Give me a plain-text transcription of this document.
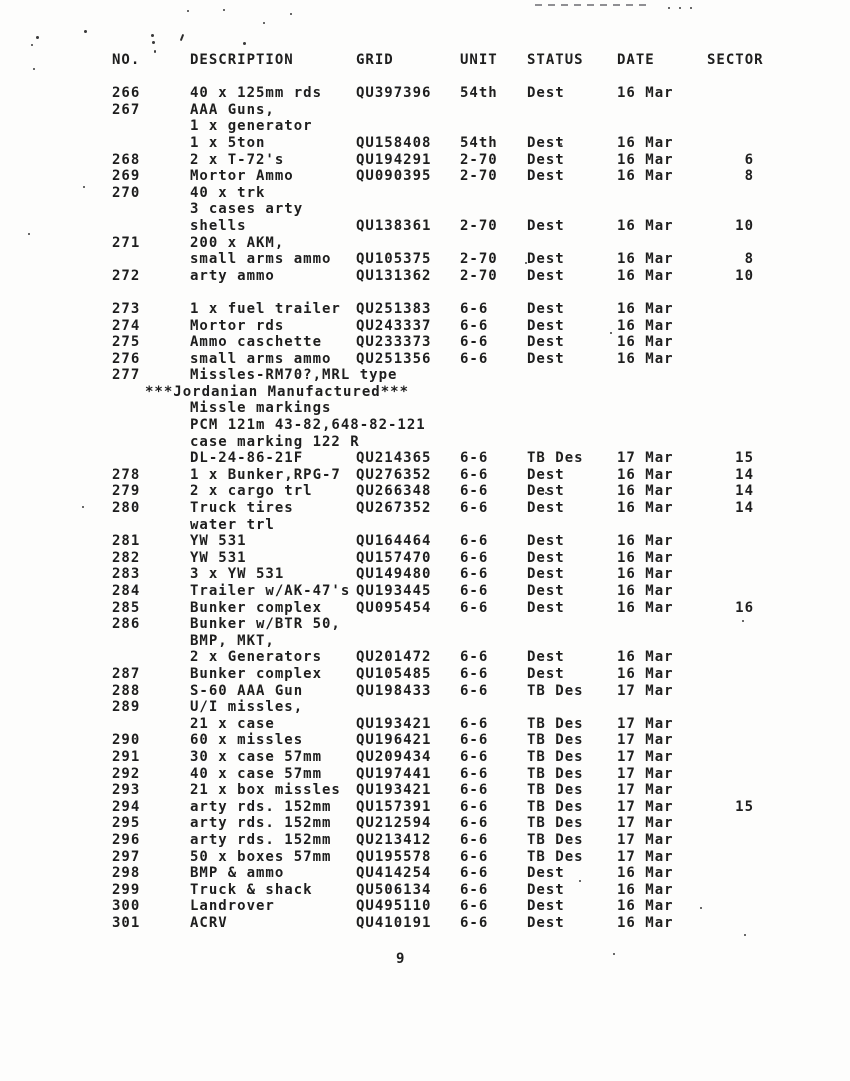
NO.	DESCRIPTION	GRID	UNIT STATUS DATE	SECTOR
266	40 x 125mm rds QU397396 54th Dest	16 Mar
267	AAA Guns,
1 x generator
1 x 5ton	QU158408 54th Dest	16 Mar
268	2 x T-72's	QU194291 2-70 Dest	16 Mar	6
269	Mortor Ammo	QU090395 2-70 Dest	16 Mar	8
270	40 x trk
3 cases arty
shells	QU138361 2-70 Dest	16 Mar	10
271	200 x AKM,
small arms ammo QU105375 2-70 Dest	16 Mar	8
272	arty ammo	QU131362 2-70 Dest	16 Mar	10
273	1 x fuel trailer QU251383 6-6	Dest	16 Mar
274	Mortor rds	QU243337 6-6	Dest	16 Mar
275	Ammo caschette QU233373 6-6	Dest	16 Mar
276	small arms ammo QU251356 6-6	Dest	16 Mar
277	Missles-RM70?,MRL type
***Jordanian Manufactured***
Missle markings
PCM 121m 43-82,648-82-121
case marking 122 R
DL-24-86-21F	QU214365 6-6	TB Des 17 Mar	15
278	1 x Bunker,RPG-7 QU276352 6-6	Dest	16 Mar	14
279	2 x cargo trl	QU266348 6-6	Dest	16 Mar	14
280	Truck tires	QU267352 6-6	Dest	16 Mar	14
water trl
281	YW 531	QU164464 6-6	Dest	16 Mar
282	YW 531	QU157470 6-6	Dest	16 Mar
283	3 x YW 531	QU149480 6-6	Dest	16 Mar
284	Trailer w/AK-47's QU193445 6-6	Dest	16 Mar
285	Bunker complex QU095454 6-6	Dest	16 Mar	16
286	Bunker w/BTR 50,
BMP, MKT,
2 x Generators QU201472 6-6	Dest	16 Mar
287	Bunker complex QU105485 6-6	Dest	16 Mar
288	S-60 AAA Gun	QU198433 6-6	TB Des 17 Mar
289	U/I missles,
21 x case	QU193421 6-6	TB Des 17 Mar
290	60 x missles	QU196421 6-6	TB Des 17 Mar
291	30 x case 57mm QU209434 6-6	TB Des 17 Mar
292	40 x case 57mm QU197441 6-6	TB Des 17 Mar
293	21 x box missles QU193421 6-6	TB Des 17 Mar
294	arty rds. 152mm QU157391 6-6	TB Des 17 Mar	15
295	arty rds. 152mm QU212594 6-6	TB Des 17 Mar
296	arty rds. 152mm QU213412 6-6	TB Des 17 Mar
297	50 x boxes 57mm QU195578 6-6	TB Des 17 Mar
298	BMP & ammo	QU414254 6-6	Dest	16 Mar
299	Truck & shack	QU506134 6-6	Dest	16 Mar
300	Landrover	QU495110 6-6	Dest	16 Mar
301	ACRV	QU410191 6-6	Dest	16 Mar
9
